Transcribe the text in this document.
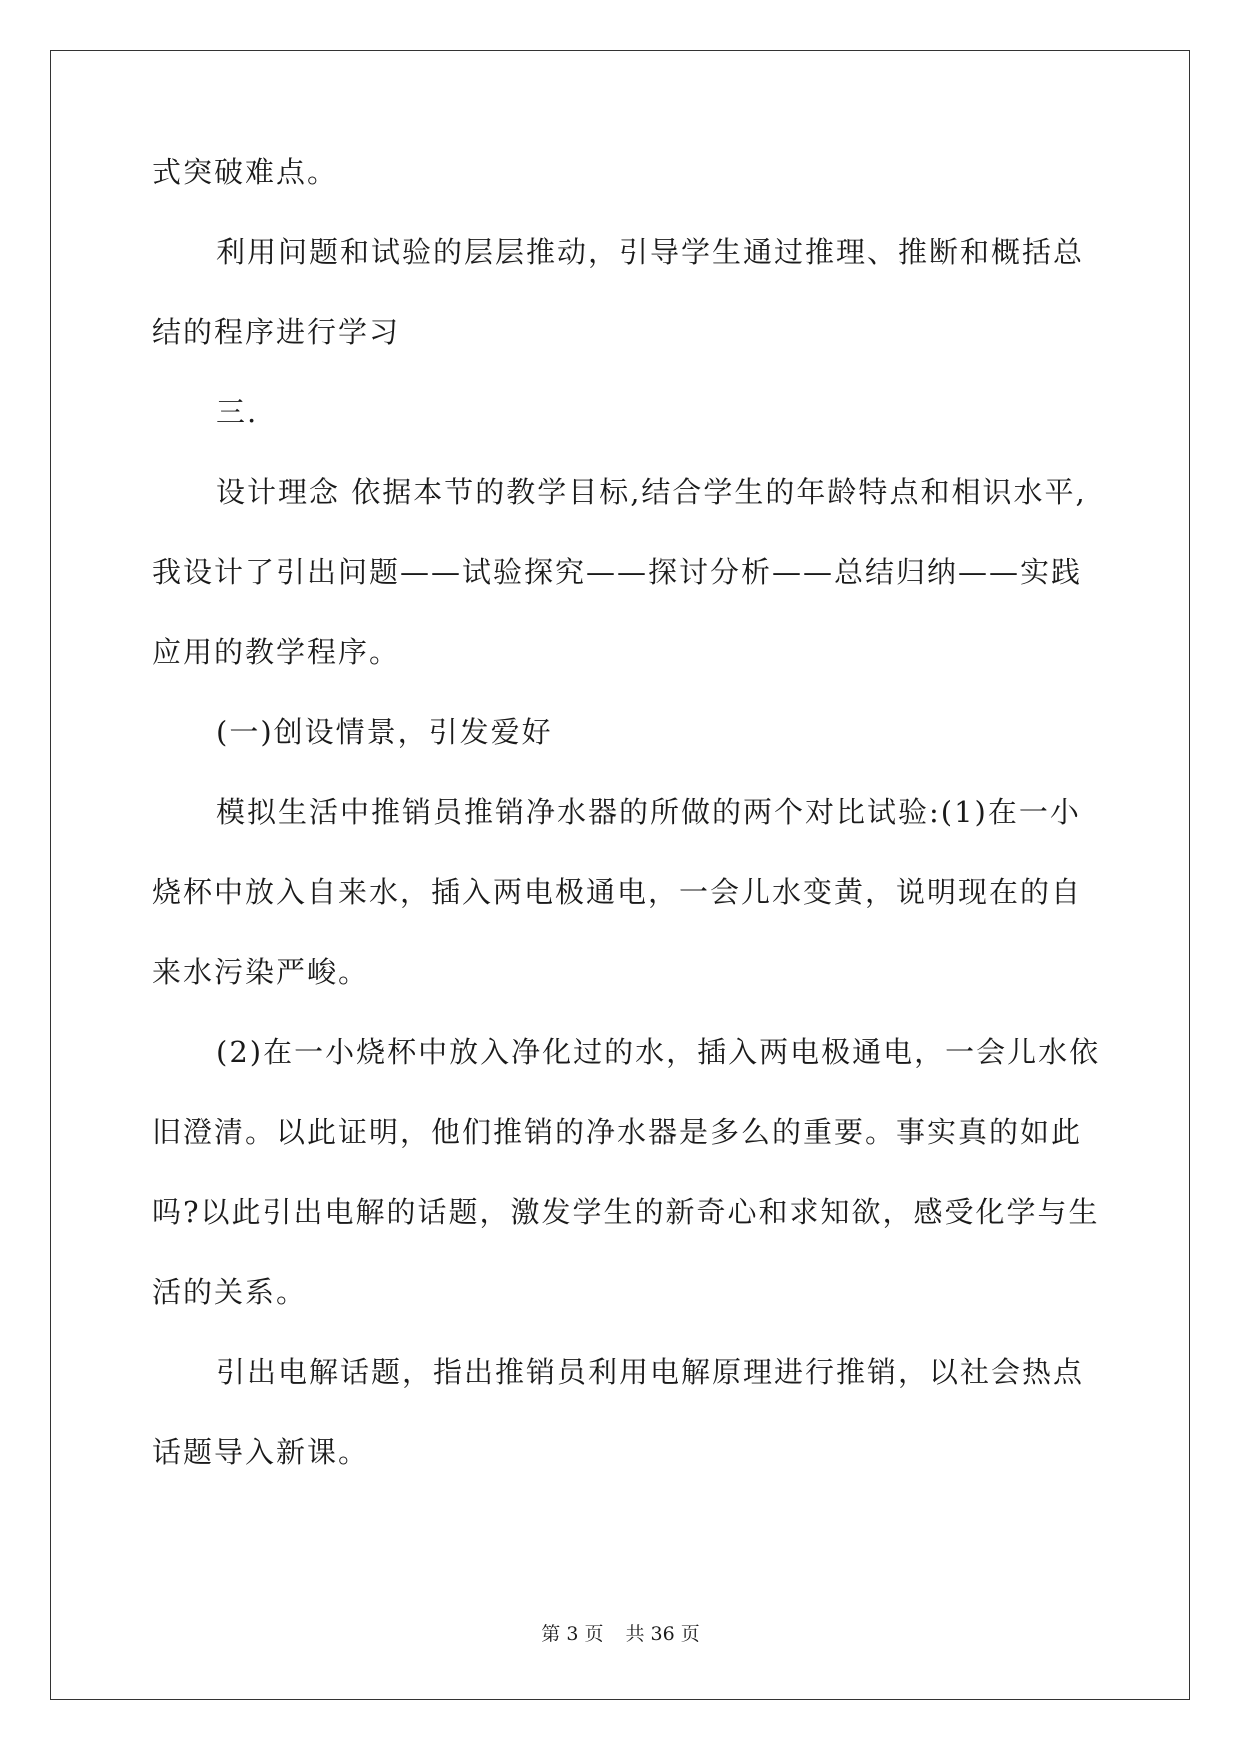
式突破难点。
利用问题和试验的层层推动，引导学生通过推理、推断和概括总
结的程序进行学习
三.
设计理念 依据本节的教学目标,结合学生的年龄特点和相识水平,
我设计了引出问题——试验探究——探讨分析——总结归纳——实践
应用的教学程序。
(一)创设情景，引发爱好
模拟生活中推销员推销净水器的所做的两个对比试验:(1)在一小
烧杯中放入自来水，插入两电极通电，一会儿水变黄，说明现在的自
来水污染严峻。
(2)在一小烧杯中放入净化过的水，插入两电极通电，一会儿水依
旧澄清。以此证明，他们推销的净水器是多么的重要。事实真的如此
吗?以此引出电解的话题，激发学生的新奇心和求知欲，感受化学与生
活的关系。
引出电解话题，指出推销员利用电解原理进行推销，以社会热点
话题导入新课。
第 3 页 共 36 页
